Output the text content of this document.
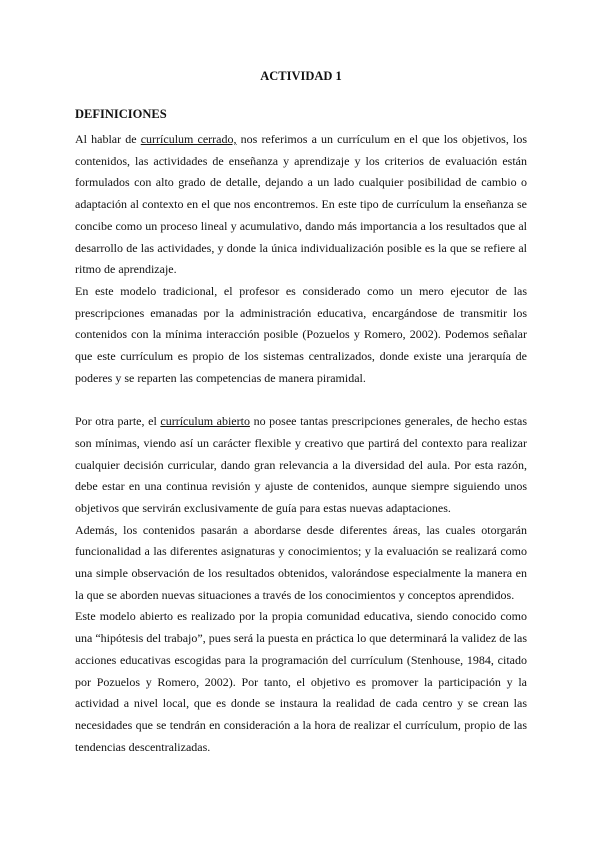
ACTIVIDAD 1
DEFINICIONES

Al hablar de currículum cerrado, nos referimos a un currículum en el que los objetivos, los contenidos, las actividades de enseñanza y aprendizaje y los criterios de evaluación están formulados con alto grado de detalle, dejando a un lado cualquier posibilidad de cambio o adaptación al contexto en el que nos encontremos. En este tipo de currículum la enseñanza se concibe como un proceso lineal y acumulativo, dando más importancia a los resultados que al desarrollo de las actividades, y donde la única individualización posible es la que se refiere al ritmo de aprendizaje.

En este modelo tradicional, el profesor es considerado como un mero ejecutor de las prescripciones emanadas por la administración educativa, encargándose de transmitir los contenidos con la mínima interacción posible (Pozuelos y Romero, 2002). Podemos señalar que este currículum es propio de los sistemas centralizados, donde existe una jerarquía de poderes y se reparten las competencias de manera piramidal.

Por otra parte, el currículum abierto no posee tantas prescripciones generales, de hecho estas son mínimas, viendo así un carácter flexible y creativo que partirá del contexto para realizar cualquier decisión curricular, dando gran relevancia a la diversidad del aula. Por esta razón, debe estar en una continua revisión y ajuste de contenidos, aunque siempre siguiendo unos objetivos que servirán exclusivamente de guía para estas nuevas adaptaciones.

Además, los contenidos pasarán a abordarse desde diferentes áreas, las cuales otorgarán funcionalidad a las diferentes asignaturas y conocimientos; y la evaluación se realizará como una simple observación de los resultados obtenidos, valorándose especialmente la manera en la que se aborden nuevas situaciones a través de los conocimientos y conceptos aprendidos.

Este modelo abierto es realizado por la propia comunidad educativa, siendo conocido como una “hipótesis del trabajo”, pues será la puesta en práctica lo que determinará la validez de las acciones educativas escogidas para la programación del currículum (Stenhouse, 1984, citado por Pozuelos y Romero, 2002). Por tanto, el objetivo es promover la participación y la actividad a nivel local, que es donde se instaura la realidad de cada centro y se crean las necesidades que se tendrán en consideración a la hora de realizar el currículum, propio de las tendencias descentralizadas.
